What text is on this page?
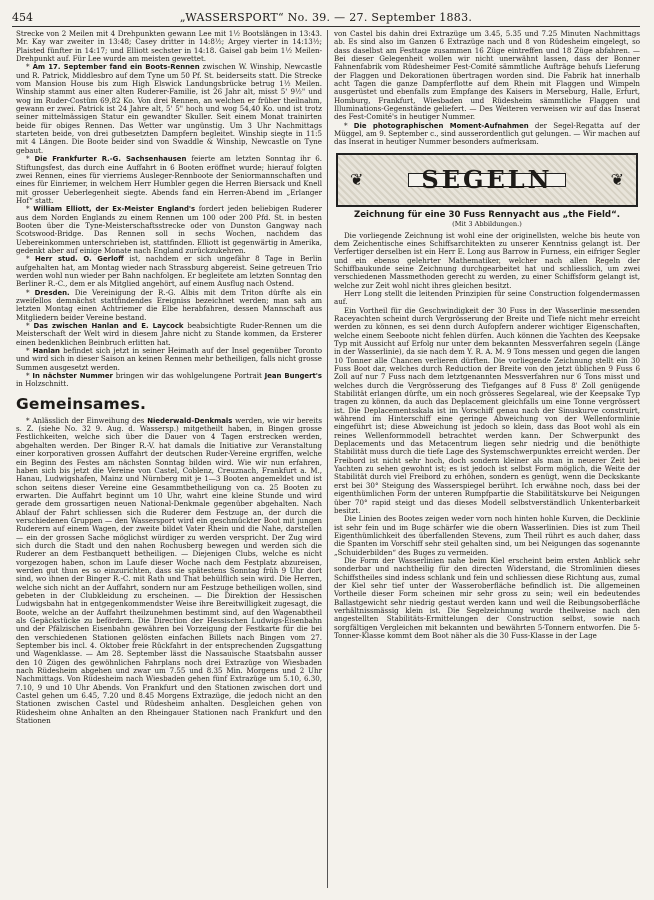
454	„WASSERSPORT“ No. 39. — 27. September 1883.

Strecke von 2 Meilen mit 4 Drehpunkten gewann Lee mit 1½ Bootslängen in 13:43. Mr. Kay war zweiter in 13:48; Casey dritter in 14:8½; Argey vierter in 14:13½; Plaisted fünfter in 14:17; und Elliott sechster in 14:18. Gaisel gab beim 1½ Meilen-Drehpunkt auf. Für Lee wurde am meisten gewettet.

* Am 17. September fand ein Boots-Rennen zwischen W. Winship, Newcastle und R. Patrick, Middlesbro auf dem Tyne um 50 Pf. St. beiderseits statt. Die Strecke vom Mansion House bis zum High Elswick Landungsbrücke betrug 1½ Meilen. Winship stammt aus einer alten Ruderer-Familie, ist 26 Jahr alt, misst 5' 9½" und wog im Ruder-Costüm 69,82 Ko. Von drei Rennen, an welchen er früher theilnahm, gewann er zwei. Patrick ist 24 Jahre alt, 5' 5" hoch und wog 54,40 Ko. und ist trotz seiner mittelmässigen Statur ein gewandter Skuller. Seit einem Monat trainirten beide für obiges Rennen. Das Wetter war ungünstig. Um 3 Uhr Nachmittags starteten beide, von drei gutbesetzten Dampfern begleitet. Winship siegte in 11:5 mit 4 Längen. Die Boote beider sind von Swaddle & Winship, Newcastle on Tyne gebaut.

* Die Frankfurter R.-G. Sachsenhausen feierte am letzten Sonntag ihr 6. Stiftungsfest, das durch eine Auffahrt in 6 Booten eröffnet wurde; hierauf folgten zwei Rennen, eines für vierriems Ausleger-Rennboote der Seniormannschaften und eines für Einriemer, in welchem Herr Humbler gegen die Herren Biersack und Knell mit grosser Ueberlegenheit siegte. Abends fand ein Herren-Abend im „Erlanger Hof“ statt.

* William Elliott, der Ex-Meister England's fordert jeden beliebigen Ruderer aus dem Norden Englands zu einem Rennen um 100 oder 200 Pfd. St. in besten Booten über die Tyne-Meisterschaftsstrecke oder von Dunston Gangway nach Scotswood-Bridge. Das Rennen soll in sechs Wochen, nachdem das Uebereinkommen unterschrieben ist, stattfinden. Elliott ist gegenwärtig in Amerika, gedenkt aber auf einige Monate nach England zurückzukehren.

* Herr stud. O. Gerloff ist, nachdem er sich ungefähr 8 Tage in Berlin aufgehalten hat, am Montag wieder nach Strassburg abgereist. Seine getreuen Trio werden wohl nun wieder per Bahn nachfolgen. Er begleitete am letzten Sonntag den Berliner R.-C., dem er als Mitglied angehört, auf einem Ausflug nach Ostend.

* Dresden. Die Vereinigung der R.-G. Albis mit dem Triton dürfte als ein zweifellos demnächst stattfindendes Ereigniss bezeichnet werden; man sah am letzten Montag einen Achtriemer die Elbe herabfahren, dessen Mannschaft aus Mitgliedern beider Vereine bestand.

* Das zwischen Hanlan and E. Laycock beabsichtigte Ruder-Rennen um die Meisterschaft der Welt wird in diesem Jahre nicht zu Stande kommen, da Ersterer einen bedenklichen Beinbruch erlitten hat.

* Hanlan befindet sich jetzt in seiner Heimath auf der Insel gegenüber Toronto und wird sich in dieser Saison an keinen Rennen mehr betheiligen, falls nicht grosse Summen ausgesetzt werden.

* In nächster Nummer bringen wir das wohlgelungene Portrait Jean Bungert's in Holzschnitt.

Gemeinsames.

* Anlässlich der Einweihung des Niederwald-Denkmals werden, wie wir bereits s. Z. (siehe No. 32 9. Aug. d. Wassersp.) mitgetheilt haben, in Bingen grosse Festlichkeiten, welche sich über die Dauer von 4 Tagen erstrecken werden, abgehalten werden. Der Binger R.-V. hat damals die Initiative zur Veranstaltung einer korporativen grossen Auffahrt der deutschen Ruder-Vereine ergriffen, welche ein Beginn des Festes am nächsten Sonntag bilden wird. Wie wir nun erfahren, haben sich bis jetzt die Vereine von Castel, Coblenz, Creuznach, Frankfurt a. M., Hanau, Ludwigshafen, Mainz und Nürnberg mit je 1—3 Booten angemeldet und ist schon seitens dieser Vereine eine Gesammtbetheiligung von ca. 25 Booten zu erwarten. Die Auffahrt beginnt um 10 Uhr, wahrt eine kleine Stunde und wird gerade dem grossartigen neuen National-Denkmale gegenüber abgehalten. Nach Ablauf der Fahrt schliessen sich die Ruderer dem Festzuge an, der durch die verschiedenen Gruppen — den Wassersport wird ein geschmückter Boot mit jungen Ruderern auf einem Wagen, der zweite bildet Vater Rhein und die Nahe, darstellen — ein der grossen Sache möglichst würdiger zu werden verspricht. Der Zug wird sich durch die Stadt und den nahen Rochusberg bewegen und werden sich die Ruderer an dem Festbanquett betheiligen. — Diejenigen Clubs, welche es nicht vorgezogen haben, schon im Laufe dieser Woche nach dem Festplatz abzureisen, werden gut thun es so einzurichten, dass sie spätestens Sonntag früh 9 Uhr dort sind, wo ihnen der Binger R.-C. mit Rath und That behülflich sein wird. Die Herren, welche sich nicht an der Auffahrt, sondern nur am Festzuge betheiligen wollen, sind gebeten in der Clubkleidung zu erscheinen. — Die Direktion der Hessischen Ludwigsbahn hat in entgegenkommendster Weise ihre Bereitwilligkeit zugesagt, die Boote, welche an der Auffahrt theilzunehmen bestimmt sind, auf den Wagenabtheil als Gepäckstücke zu befördern. Die Direction der Hessischen Ludwigs-Eisenbahn und der Pfälzischen Eisenbahn gewähren bei Vorzeigung der Festkarte für die bei den verschiedenen Stationen gelösten einfachen Billets nach Bingen vom 27. September bis incl. 4. Oktober freie Rückfahrt in der entsprechenden Zugsgattung und Wagenklasse. — Am 28. September lässt die Nassauische Staatsbahn ausser den 10 Zügen des gewöhnlichen Fahrplans noch drei Extrazüge von Wiesbaden nach Rüdesheim abgehen und zwar um 7.55 und 8.35 Min. Morgens und 2 Uhr Nachmittags. Von Rüdesheim nach Wiesbaden gehen fünf Extrazüge um 5.10, 6.30, 7.10, 9 und 10 Uhr Abends. Von Frankfurt und den Stationen zwischen dort und Castel gehen um 6.45, 7.20 und 8.45 Morgens Extrazüge, die jedoch nicht an den Stationen zwischen Castel und Rüdesheim anhalten. Desgleichen gehen von Rüdesheim ohne Anhalten an den Rheingauer Stationen nach Frankfurt und den Stationen

von Castel bis dahin drei Extrazüge um 3.45, 5.35 und 7.25 Minuten Nachmittags ab. Es sind also im Ganzen 6 Extrazüge nach und 8 von Rüdesheim eingelegt, so dass daselbst am Festtage zusammen 16 Züge eintreffen und 18 Züge abfahren. — Bei dieser Gelegenheit wollen wir nicht unerwähnt lassen, dass der Bonner Fahnenfabrik vom Rüdesheimer Fest-Comité sämmtliche Aufträge behufs Lieferung der Flaggen und Dekorationen übertragen worden sind. Die Fabrik hat innerhalb acht Tagen die ganze Dampferflotte auf dem Rhein mit Flaggen und Wimpeln ausgerüstet und ebenfalls zum Empfange des Kaisers in Merseburg, Halle, Erfurt, Homburg, Frankfurt, Wiesbaden und Rüdesheim sämmtliche Flaggen und Illuminations-Gegenstände geliefert. — Des Weiteren verweisen wir auf das Inserat des Fest-Comité's in heutiger Nummer.

* Die photographischen Moment-Aufnahmen der Segel-Regatta auf der Müggel, am 9. September c., sind ausserordentlich gut gelungen. — Wir machen auf das Inserat in heutiger Nummer besonders aufmerksam.

❦	SEGELN	❦
Zeichnung für eine 30 Fuss Rennyacht aus „the Field“.
(Mit 3 Abbildungen.)

Die vorliegende Zeichnung ist wohl eine der originellsten, welche bis heute von dem Zeichentische eines Schiffsarchitekten zu unserer Kenntniss gelangt ist. Der Verfertiger derselben ist ein Herr E. Long aus Barrow in Furness, ein eifriger Segler und ein ebenso gelehrter Mathematiker, welcher nach allen Regeln der Schiffbaukunde seine Zeichnung durchgearbeitet hat und schliesslich, um zwei verschiedenen Massmethoden gerecht zu werden, zu einer Schiffsform gelangt ist, welche zur Zeit wohl nicht ihres gleichen besitzt.

Herr Long stellt die leitenden Prinzipien für seine Construction folgendermassen auf.

Ein Vortheil für die Geschwindigkeit der 30 Fuss in der Wasserlinie messenden Raceyachten scheint durch Vergrösserung der Breite und Tiefe nicht mehr erreicht werden zu können, es sei denn durch Aufopfern anderer wichtiger Eigenschaften, welche einem Seeboote nicht fehlen dürfen. Auch können die Yachten des Keepsake Typ mit Aussicht auf Erfolg nur unter dem bekannten Messverfahren segeln (Länge in der Wasserlinie), da sie nach dem Y. R. A. M. 9 Tons messen und gegen die langen 10 Tonner alle Chancen verlieren dürften. Die vorliegende Zeichnung stellt ein 30 Fuss Boot dar, welches durch Reduction der Breite von den jetzt üblichen 9 Fuss 6 Zoll auf nur 7 Fuss nach dem letztgenannten Messverfahren nur 6 Tons misst und welches durch die Vergrösserung des Tiefganges auf 8 Fuss 8' Zoll genügende Stabilität erlangen dürfte, um ein noch grösseres Segelareal, wie der Keepsake Typ tragen zu können, da auch das Deplacement gleichfalls um eine Tonne vergrössert ist. Die Deplacementsskala ist im Vorschiff genau nach der Sinuskurve construirt, während im Hinterschiff eine geringe Abweichung von der Wellenformlinie eingeführt ist; diese Abweichung ist jedoch so klein, dass das Boot wohl als ein reines Wellenformmodell betrachtet werden kann. Der Schwerpunkt des Deplacements und das Metacentrum liegen sehr niedrig und die benöthigte Stabilität muss durch die tiefe Lage des Systemschwerpunktes erreicht werden. Der Freibord ist nicht sehr hoch, doch sondern kleiner als man in neuerer Zeit bei Yachten zu sehen gewohnt ist; es ist jedoch ist selbst Form möglich, die Weite der Stabilität durch viel Freibord zu erhöhen, sondern es genügt, wenn die Deckskante erst bei 30° Steigung des Wasserspiegel berührt. Ich erwähne noch, dass bei der eigenthümlichen Form der unteren Rumpfpartie die Stabilitätskurve bei Neigungen über 70° rapid steigt und das dieses Modell selbstverständlich Unkenterbarkeit besitzt.

Die Linien des Bootes zeigen weder vorn noch hinten hohle Kurven, die Decklinie ist sehr fein und im Buge schärfer wie die obern Wasserlinien. Dies ist zum Theil Eigenthümlichkeit des überfallenden Stevens, zum Theil rührt es auch daher, dass die Spanten im Vorschiff sehr steil gehalten sind, um bei Neigungen das sogenannte „Schuiderbilden“ des Buges zu vermeiden.

Die Form der Wasserlinien nahe beim Kiel erscheint beim ersten Anblick sehr sonderbar und nachtheilig für den directen Widerstand, die Stromlinien dieses Schiffstheiles sind indess schlank und fein und schliessen diese Richtung aus, zumal der Kiel sehr tief unter der Wasseroberfläche befindlich ist. Die allgemeinen Vortheile dieser Form scheinen mir sehr gross zu sein; weil ein bedeutendes Ballastgewicht sehr niedrig gestaut werden kann und weil die Reibungsoberfläche verhältnissmässig klein ist. Die Segelzeichnung wurde theilweise nach den angestellten Stabilitäts-Ermittelungen der Construction selbst, sowie nach sorgfältigen Vergleichen mit bekannten und bewährten 5-Tonnern entworfen. Die 5-Tonner-Klasse kommt dem Boot näher als die 30 Fuss-Klasse in der Lage
